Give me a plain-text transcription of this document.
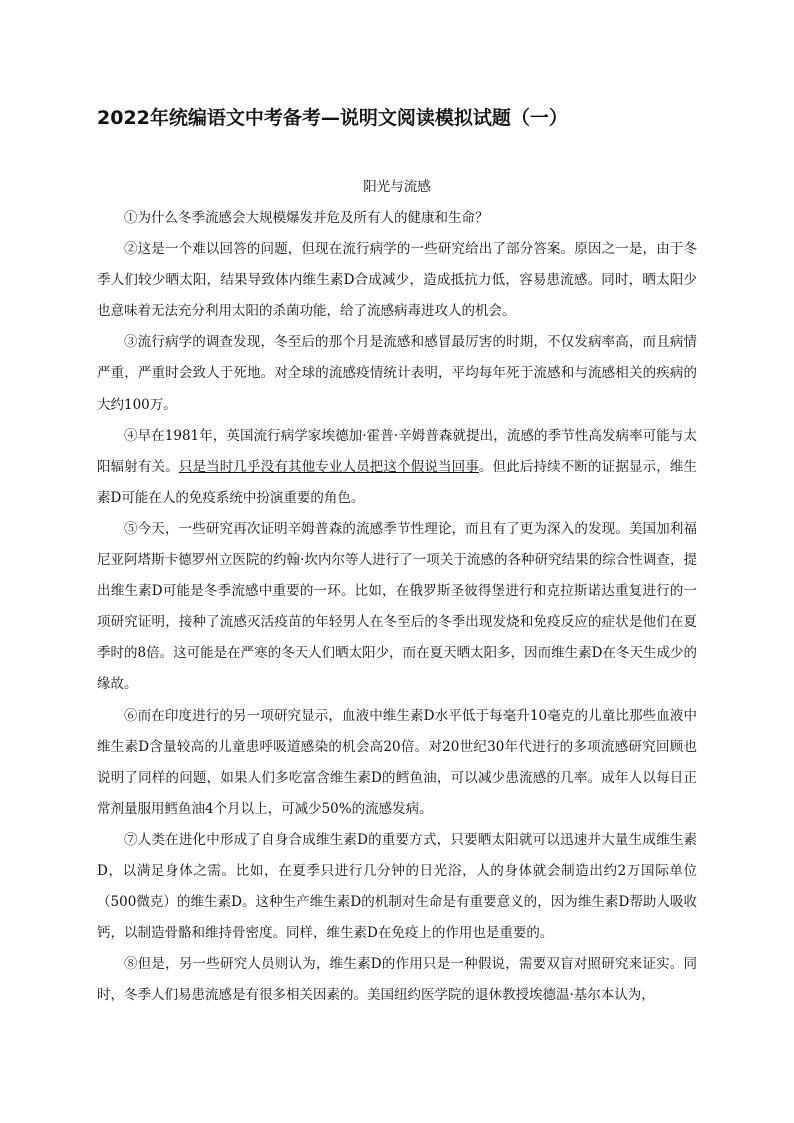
2022年统编语文中考备考—说明文阅读模拟试题（一）
阳光与流感

①为什么冬季流感会大规模爆发并危及所有人的健康和生命？

②这是一个难以回答的问题，但现在流行病学的一些研究给出了部分答案。原因之一是，由于冬季人们较少晒太阳，结果导致体内维生素D合成减少，造成抵抗力低，容易患流感。同时，晒太阳少也意味着无法充分利用太阳的杀菌功能，给了流感病毒进攻人的机会。

③流行病学的调查发现，冬至后的那个月是流感和感冒最厉害的时期，不仅发病率高，而且病情严重，严重时会致人于死地。对全球的流感疫情统计表明，平均每年死于流感和与流感相关的疾病的大约100万。

④早在1981年，英国流行病学家埃德加·霍普·辛姆普森就提出，流感的季节性高发病率可能与太阳辐射有关。只是当时几乎没有其他专业人员把这个假说当回事。但此后持续不断的证据显示，维生素D可能在人的免疫系统中扮演重要的角色。

⑤今天，一些研究再次证明辛姆普森的流感季节性理论，而且有了更为深入的发现。美国加利福尼亚阿塔斯卡德罗州立医院的约翰·坎内尔等人进行了一项关于流感的各种研究结果的综合性调查，提出维生素D可能是冬季流感中重要的一环。比如，在俄罗斯圣彼得堡进行和克拉斯诺达重复进行的一项研究证明，接种了流感灭活疫苗的年轻男人在冬至后的冬季出现发烧和免疫反应的症状是他们在夏季时的8倍。这可能是在严寒的冬天人们晒太阳少，而在夏天晒太阳多，因而维生素D在冬天生成少的缘故。

⑥而在印度进行的另一项研究显示，血液中维生素D水平低于每毫升10毫克的儿童比那些血液中维生素D含量较高的儿童患呼吸道感染的机会高20倍。对20世纪30年代进行的多项流感研究回顾也说明了同样的问题，如果人们多吃富含维生素D的鳕鱼油，可以减少患流感的几率。成年人以每日正常剂量服用鳕鱼油4个月以上，可减少50%的流感发病。

⑦人类在进化中形成了自身合成维生素D的重要方式，只要晒太阳就可以迅速并大量生成维生素D，以满足身体之需。比如，在夏季只进行几分钟的日光浴，人的身体就会制造出约2万国际单位（500微克）的维生素D。这种生产维生素D的机制对生命是有重要意义的，因为维生素D帮助人吸收钙，以制造骨骼和维持骨密度。同样，维生素D在免疫上的作用也是重要的。

⑧但是，另一些研究人员则认为，维生素D的作用只是一种假说，需要双盲对照研究来证实。同时，冬季人们易患流感是有很多相关因素的。美国纽约医学院的退休教授埃德温·基尔本认为，
